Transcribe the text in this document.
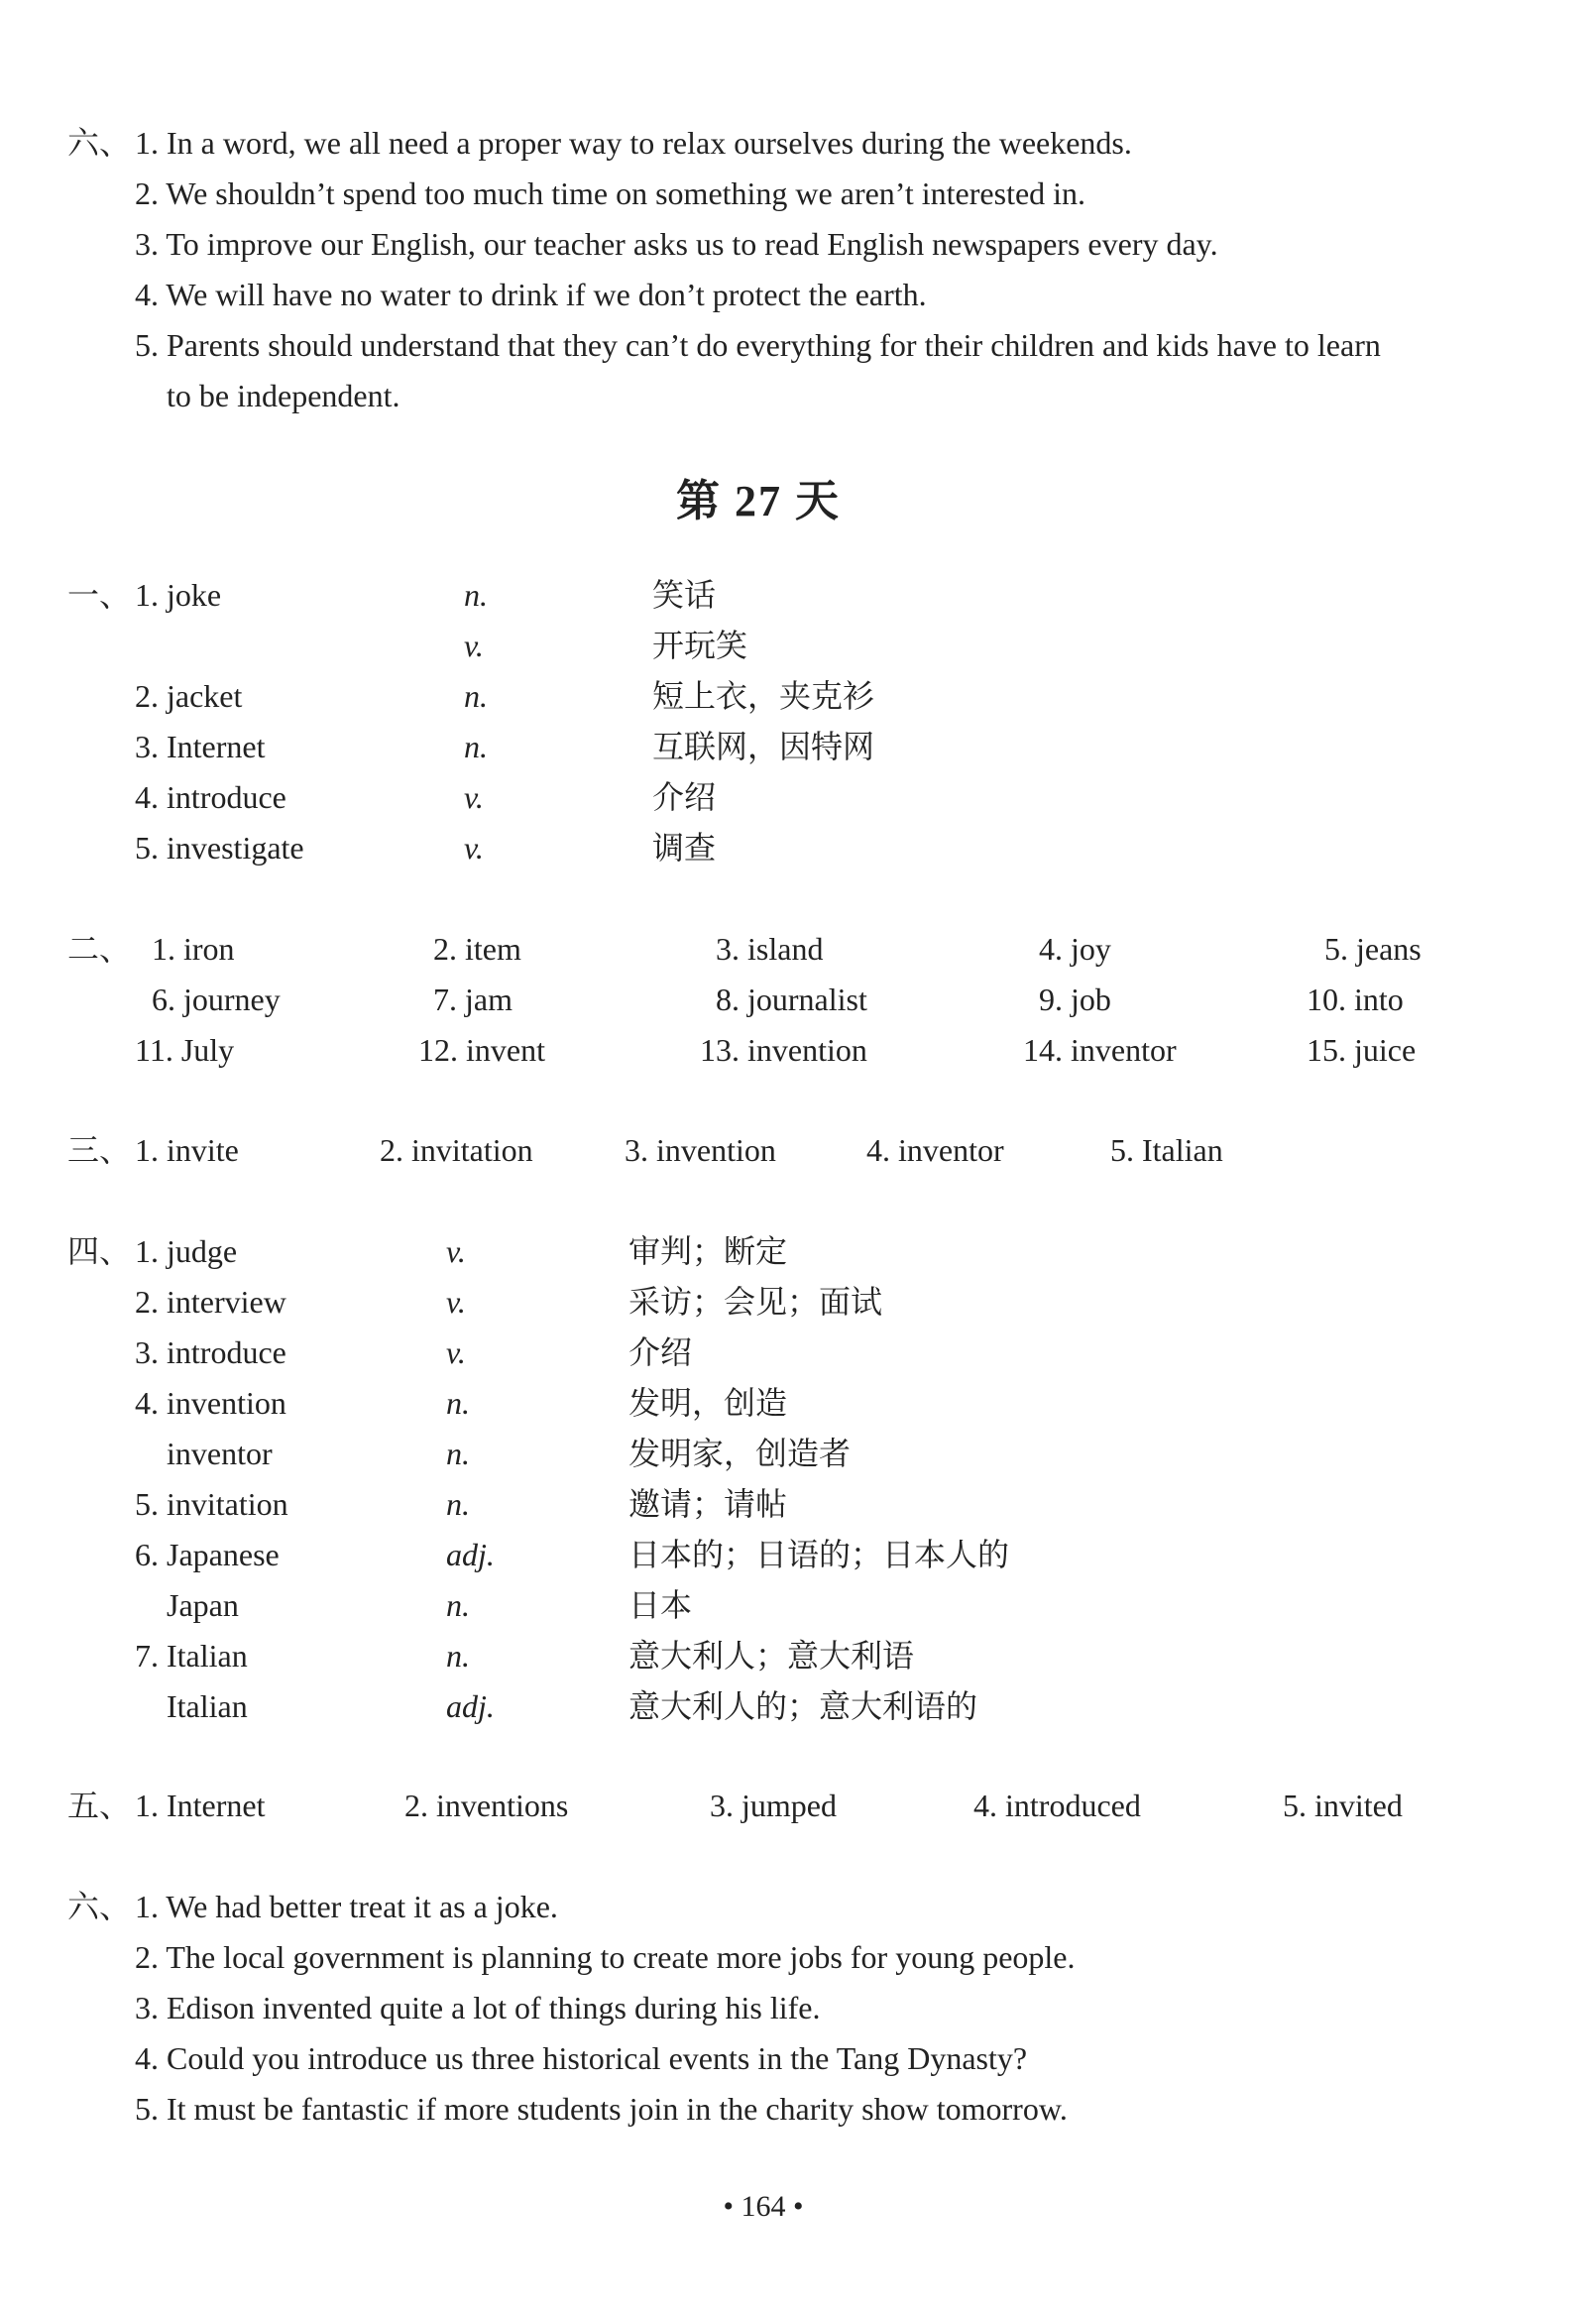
六、 1. In a word, we all need a proper way to relax ourselves during the weekends.
2. We shouldn’t spend too much time on something we aren’t interested in.
3. To improve our English, our teacher asks us to read English newspapers every day.
4. We will have no water to drink if we don’t protect the earth.
5. Parents should understand that they can’t do everything for their children and kids have to learn
to be independent.
第 27 天
一、 1. joke	n.	笑话
v.	开玩笑
2. jacket	n.	短上衣，夹克衫
3. Internet	n.	互联网，因特网
4. introduce	v.	介绍
5. investigate	v.	调查
二、 1. iron	2. item	3. island	4. joy	5. jeans
6. journey	7. jam	8. journalist	9. job	10. into
11. July	12. invent	13. invention	14. inventor	15. juice
三、 1. invite	2. invitation	3. invention	4. inventor	5. Italian
四、 1. judge	v.	审判；断定
2. interview	v.	采访；会见；面试
3. introduce	v.	介绍
4. invention	n.	发明，创造
inventor	n.	发明家，创造者
5. invitation	n.	邀请；请帖
6. Japanese	adj.	日本的；日语的；日本人的
Japan	n.	日本
7. Italian	n.	意大利人；意大利语
Italian	adj.	意大利人的；意大利语的
五、 1. Internet	2. inventions	3. jumped	4. introduced	5. invited
六、 1. We had better treat it as a joke.
2. The local government is planning to create more jobs for young people.
3. Edison invented quite a lot of things during his life.
4. Could you introduce us three historical events in the Tang Dynasty?
5. It must be fantastic if more students join in the charity show tomorrow.
• 164 •
